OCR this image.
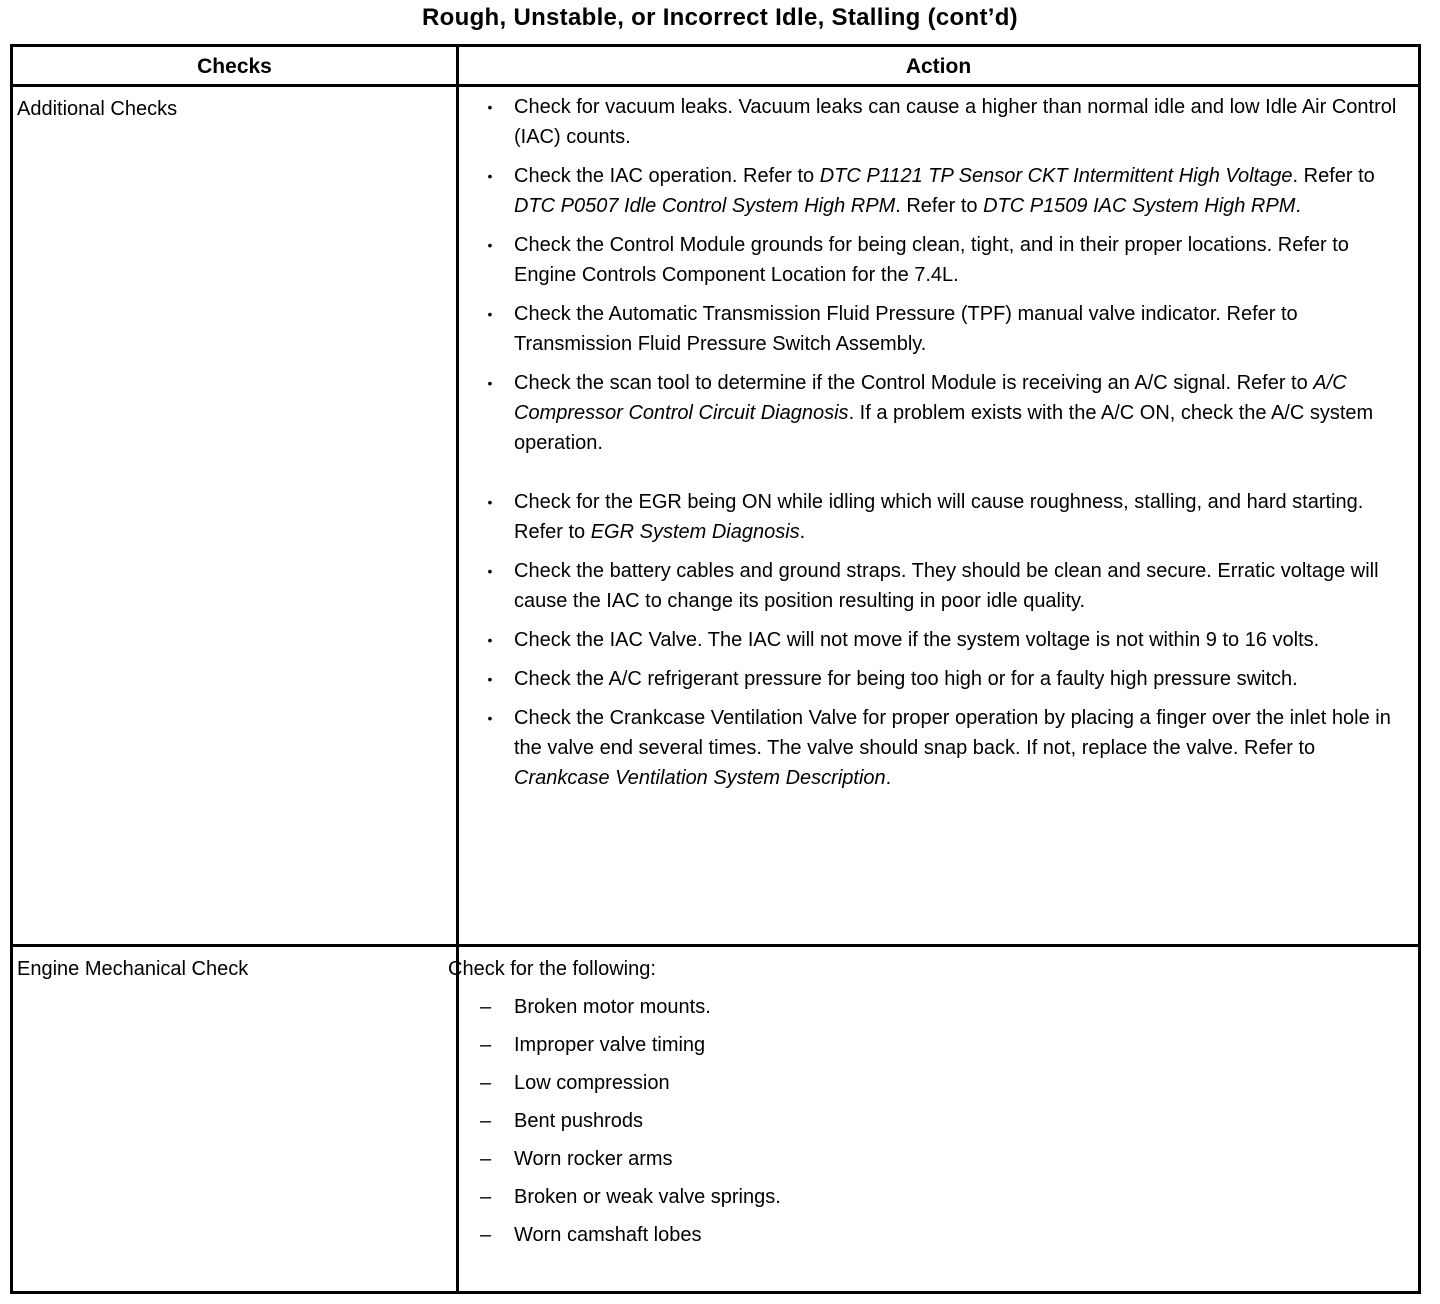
Rough, Unstable, or Incorrect Idle, Stalling (cont’d)
Checks	Action
Additional Checks
Engine Mechanical Check
• Check for vacuum leaks. Vacuum leaks can cause a higher than normal idle and low Idle Air Control (IAC) counts.
• Check the IAC operation. Refer to DTC P1121 TP Sensor CKT Intermittent High Voltage. Refer to DTC P0507 Idle Control System High RPM. Refer to DTC P1509 IAC System High RPM.
• Check the Control Module grounds for being clean, tight, and in their proper locations. Refer to Engine Controls Component Location for the 7.4L.
• Check the Automatic Transmission Fluid Pressure (TPF) manual valve indicator. Refer to Transmission Fluid Pressure Switch Assembly.
• Check the scan tool to determine if the Control Module is receiving an A/C signal. Refer to A/C Compressor Control Circuit Diagnosis. If a problem exists with the A/C ON, check the A/C system operation.
• Check for the EGR being ON while idling which will cause roughness, stalling, and hard starting. Refer to EGR System Diagnosis.
• Check the battery cables and ground straps. They should be clean and secure. Erratic voltage will cause the IAC to change its position resulting in poor idle quality.
• Check the IAC Valve. The IAC will not move if the system voltage is not within 9 to 16 volts.
• Check the A/C refrigerant pressure for being too high or for a faulty high pressure switch.
• Check the Crankcase Ventilation Valve for proper operation by placing a finger over the inlet hole in the valve end several times. The valve should snap back. If not, replace the valve. Refer to Crankcase Ventilation System Description.
Check for the following:
– Broken motor mounts.
– Improper valve timing
– Low compression
– Bent pushrods
– Worn rocker arms
– Broken or weak valve springs.
– Worn camshaft lobes
